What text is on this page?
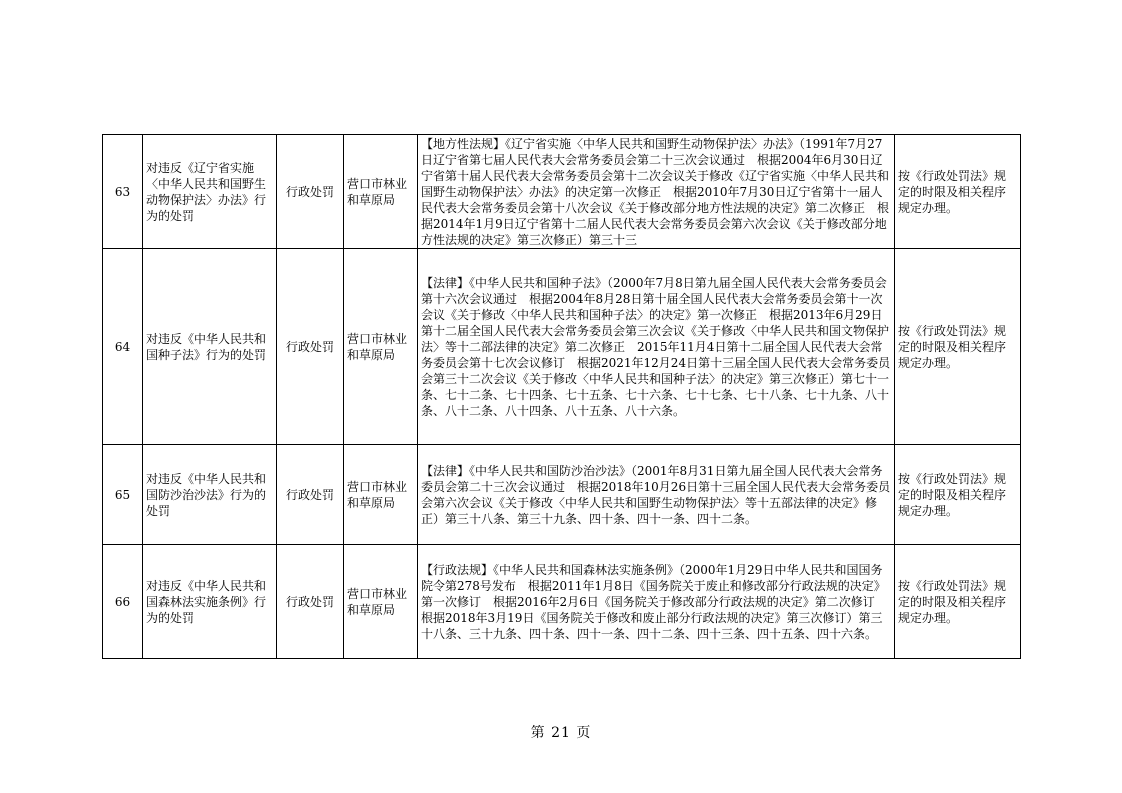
63	对违反《辽宁省实施〈中华人民共和国野生动物保护法〉办法》行为的处罚	行政处罚	营口市林业和草原局	【地方性法规】《辽宁省实施〈中华人民共和国野生动物保护法〉办法》（1991年7月27日辽宁省第七届人民代表大会常务委员会第二十三次会议通过　根据2004年6月30日辽宁省第十届人民代表大会常务委员会第十二次会议关于修改《辽宁省实施〈中华人民共和国野生动物保护法〉办法》的决定第一次修正　根据2010年7月30日辽宁省第十一届人民代表大会常务委员会第十八次会议《关于修改部分地方性法规的决定》第二次修正　根据2014年1月9日辽宁省第十二届人民代表大会常务委员会第六次会议《关于修改部分地方性法规的决定》第三次修正）第三十三	按《行政处罚法》规定的时限及相关程序规定办理。
64	对违反《中华人民共和国种子法》行为的处罚	行政处罚	营口市林业和草原局	【法律】《中华人民共和国种子法》（2000年7月8日第九届全国人民代表大会常务委员会第十六次会议通过　根据2004年8月28日第十届全国人民代表大会常务委员会第十一次会议《关于修改〈中华人民共和国种子法〉的决定》第一次修正　根据2013年6月29日第十二届全国人民代表大会常务委员会第三次会议《关于修改〈中华人民共和国文物保护法〉等十二部法律的决定》第二次修正　2015年11月4日第十二届全国人民代表大会常务委员会第十七次会议修订　根据2021年12月24日第十三届全国人民代表大会常务委员会第三十二次会议《关于修改〈中华人民共和国种子法〉的决定》第三次修正）第七十一条、七十二条、七十四条、七十五条、七十六条、七十七条、七十八条、七十九条、八十条、八十二条、八十四条、八十五条、八十六条。	按《行政处罚法》规定的时限及相关程序规定办理。
65	对违反《中华人民共和国防沙治沙法》行为的处罚	行政处罚	营口市林业和草原局	【法律】《中华人民共和国防沙治沙法》（2001年8月31日第九届全国人民代表大会常务委员会第二十三次会议通过　根据2018年10月26日第十三届全国人民代表大会常务委员会第六次会议《关于修改〈中华人民共和国野生动物保护法〉等十五部法律的决定》修正）第三十八条、第三十九条、四十条、四十一条、四十二条。	按《行政处罚法》规定的时限及相关程序规定办理。
66	对违反《中华人民共和国森林法实施条例》行为的处罚	行政处罚	营口市林业和草原局	【行政法规】《中华人民共和国森林法实施条例》（2000年1月29日中华人民共和国国务院令第278号发布　根据2011年1月8日《国务院关于废止和修改部分行政法规的决定》第一次修订　根据2016年2月6日《国务院关于修改部分行政法规的决定》第二次修订　根据2018年3月19日《国务院关于修改和废止部分行政法规的决定》第三次修订）第三十八条、三十九条、四十条、四十一条、四十二条、四十三条、四十五条、四十六条。	按《行政处罚法》规定的时限及相关程序规定办理。
第 21 页
